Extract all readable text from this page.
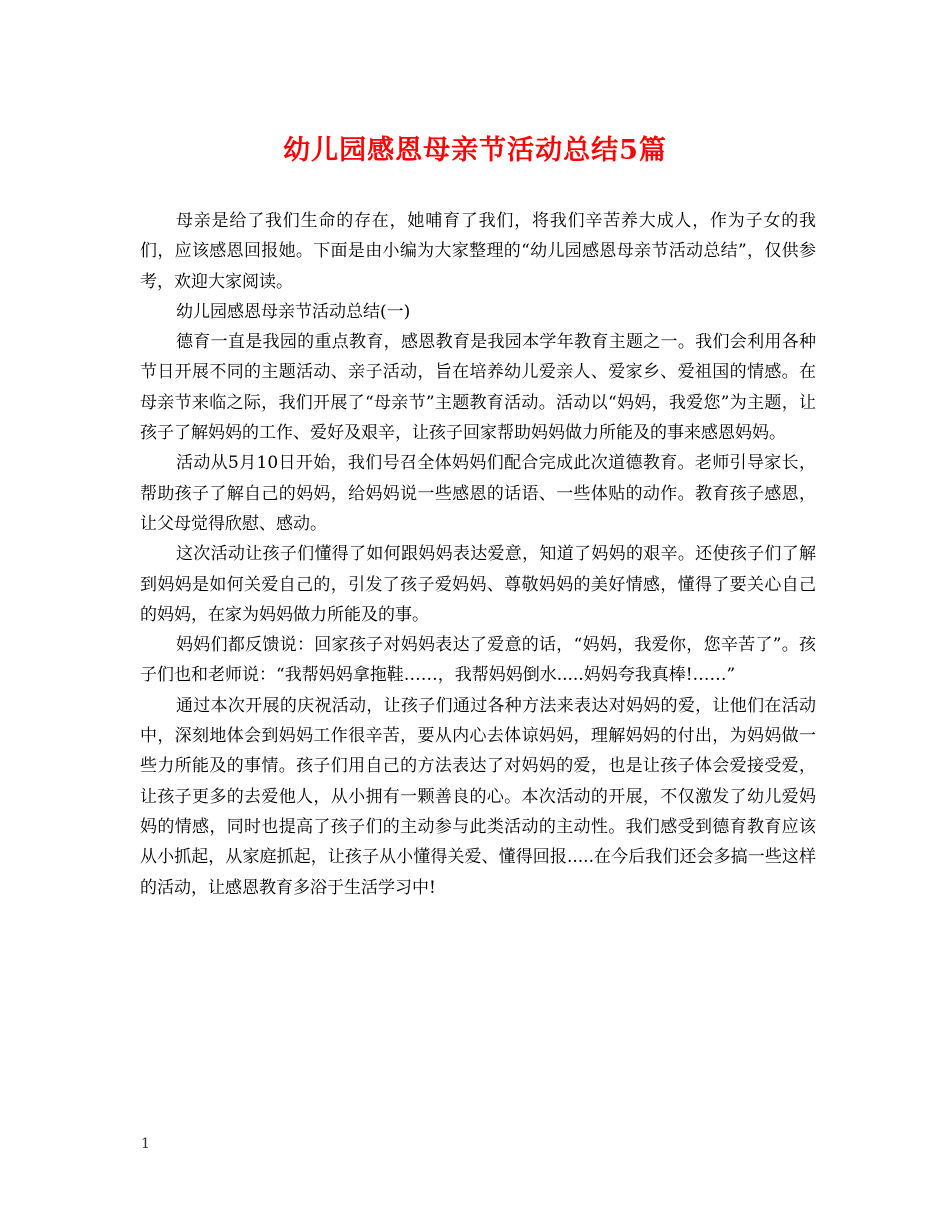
幼儿园感恩母亲节活动总结5篇

母亲是给了我们生命的存在，她哺育了我们，将我们辛苦养大成人，作为子女的我们，应该感恩回报她。下面是由小编为大家整理的“幼儿园感恩母亲节活动总结”，仅供参考，欢迎大家阅读。

幼儿园感恩母亲节活动总结(一)

德育一直是我园的重点教育，感恩教育是我园本学年教育主题之一。我们会利用各种节日开展不同的主题活动、亲子活动，旨在培养幼儿爱亲人、爱家乡、爱祖国的情感。在母亲节来临之际，我们开展了“母亲节”主题教育活动。活动以“妈妈，我爱您”为主题，让孩子了解妈妈的工作、爱好及艰辛，让孩子回家帮助妈妈做力所能及的事来感恩妈妈。

活动从5月10日开始，我们号召全体妈妈们配合完成此次道德教育。老师引导家长，帮助孩子了解自己的妈妈，给妈妈说一些感恩的话语、一些体贴的动作。教育孩子感恩，让父母觉得欣慰、感动。

这次活动让孩子们懂得了如何跟妈妈表达爱意，知道了妈妈的艰辛。还使孩子们了解到妈妈是如何关爱自己的，引发了孩子爱妈妈、尊敬妈妈的美好情感，懂得了要关心自己的妈妈，在家为妈妈做力所能及的事。

妈妈们都反馈说：回家孩子对妈妈表达了爱意的话，“妈妈，我爱你，您辛苦了”。孩子们也和老师说：“我帮妈妈拿拖鞋……，我帮妈妈倒水.....妈妈夸我真棒!……”

通过本次开展的庆祝活动，让孩子们通过各种方法来表达对妈妈的爱，让他们在活动中，深刻地体会到妈妈工作很辛苦，要从内心去体谅妈妈，理解妈妈的付出，为妈妈做一些力所能及的事情。孩子们用自己的方法表达了对妈妈的爱，也是让孩子体会爱接受爱，让孩子更多的去爱他人，从小拥有一颗善良的心。本次活动的开展，不仅激发了幼儿爱妈妈的情感，同时也提高了孩子们的主动参与此类活动的主动性。我们感受到德育教育应该从小抓起，从家庭抓起，让孩子从小懂得关爱、懂得回报.....在今后我们还会多搞一些这样的活动，让感恩教育多浴于生活学习中!

1
